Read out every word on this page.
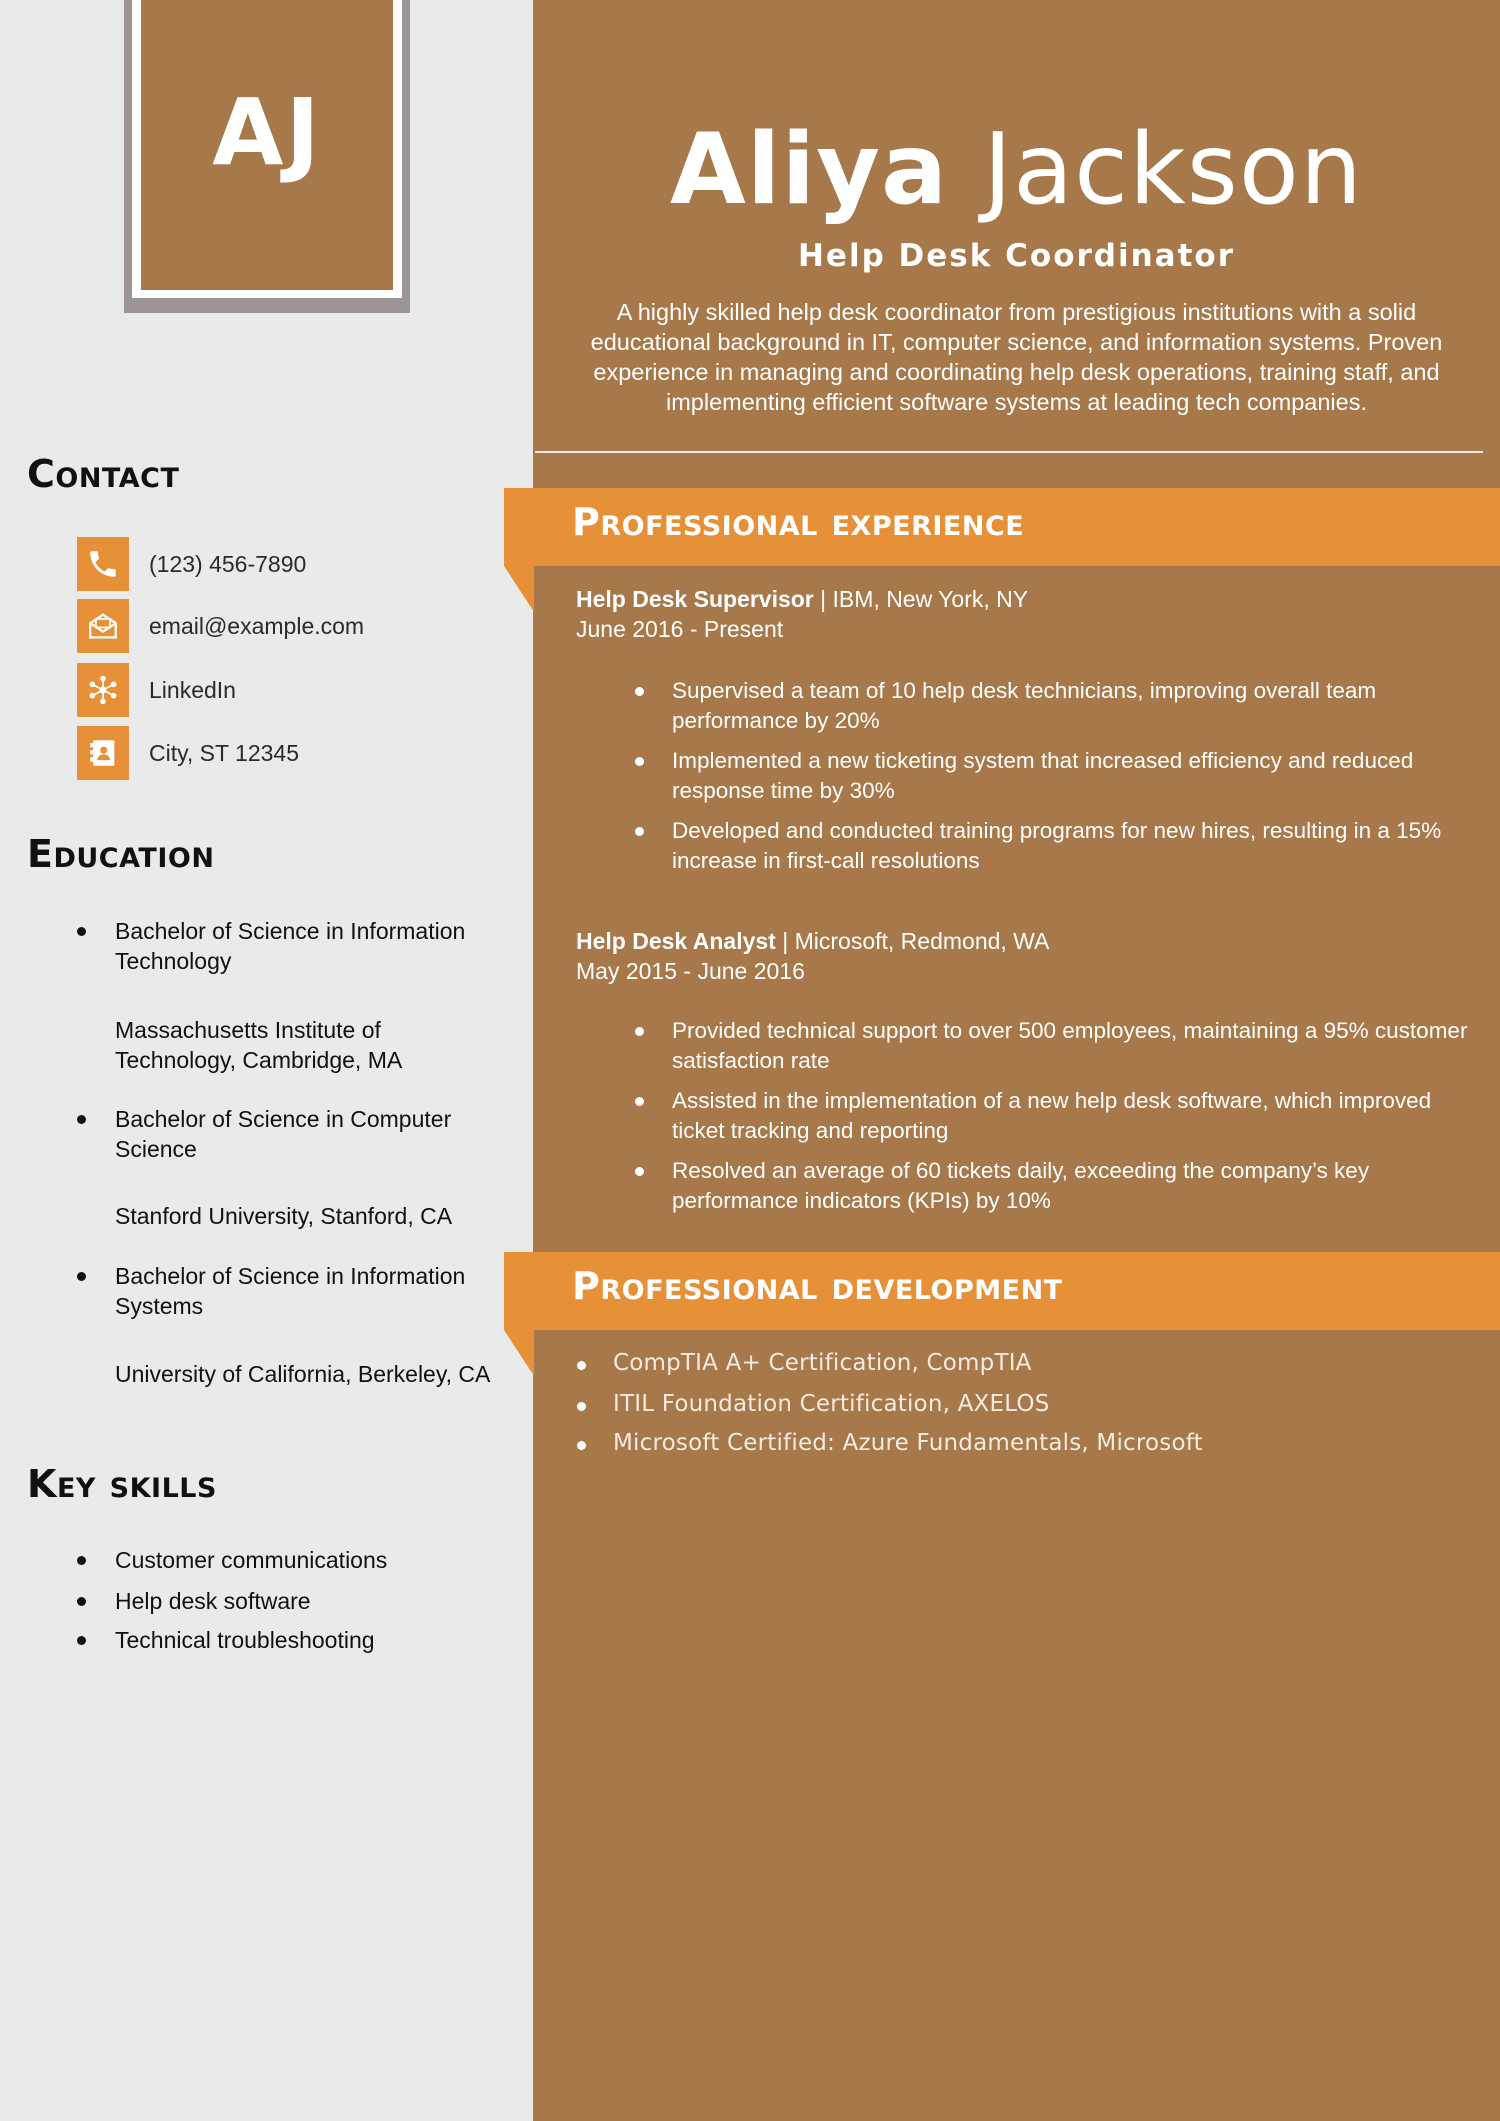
AJ
Contact
(123) 456-7890
email@example.com
LinkedIn
City, ST 12345
Education
Bachelor of Science in Information Technology
Massachusetts Institute of Technology, Cambridge, MA
Bachelor of Science in Computer Science
Stanford University, Stanford, CA
Bachelor of Science in Information Systems
University of California, Berkeley, CA
Key skills
Customer communications
Help desk software
Technical troubleshooting
Aliya Jackson
Help Desk Coordinator

A highly skilled help desk coordinator from prestigious institutions with a solid educational background in IT, computer science, and information systems. Proven experience in managing and coordinating help desk operations, training staff, and implementing efficient software systems at leading tech companies.

Professional experience
Help Desk Supervisor | IBM, New York, NY
June 2016 - Present
Supervised a team of 10 help desk technicians, improving overall team performance by 20%
Implemented a new ticketing system that increased efficiency and reduced response time by 30%
Developed and conducted training programs for new hires, resulting in a 15% increase in first-call resolutions
Help Desk Analyst | Microsoft, Redmond, WA
May 2015 - June 2016
Provided technical support to over 500 employees, maintaining a 95% customer satisfaction rate
Assisted in the implementation of a new help desk software, which improved ticket tracking and reporting
Resolved an average of 60 tickets daily, exceeding the company’s key performance indicators (KPIs) by 10%
Professional development
CompTIA A+ Certification, CompTIA
ITIL Foundation Certification, AXELOS
Microsoft Certified: Azure Fundamentals, Microsoft
